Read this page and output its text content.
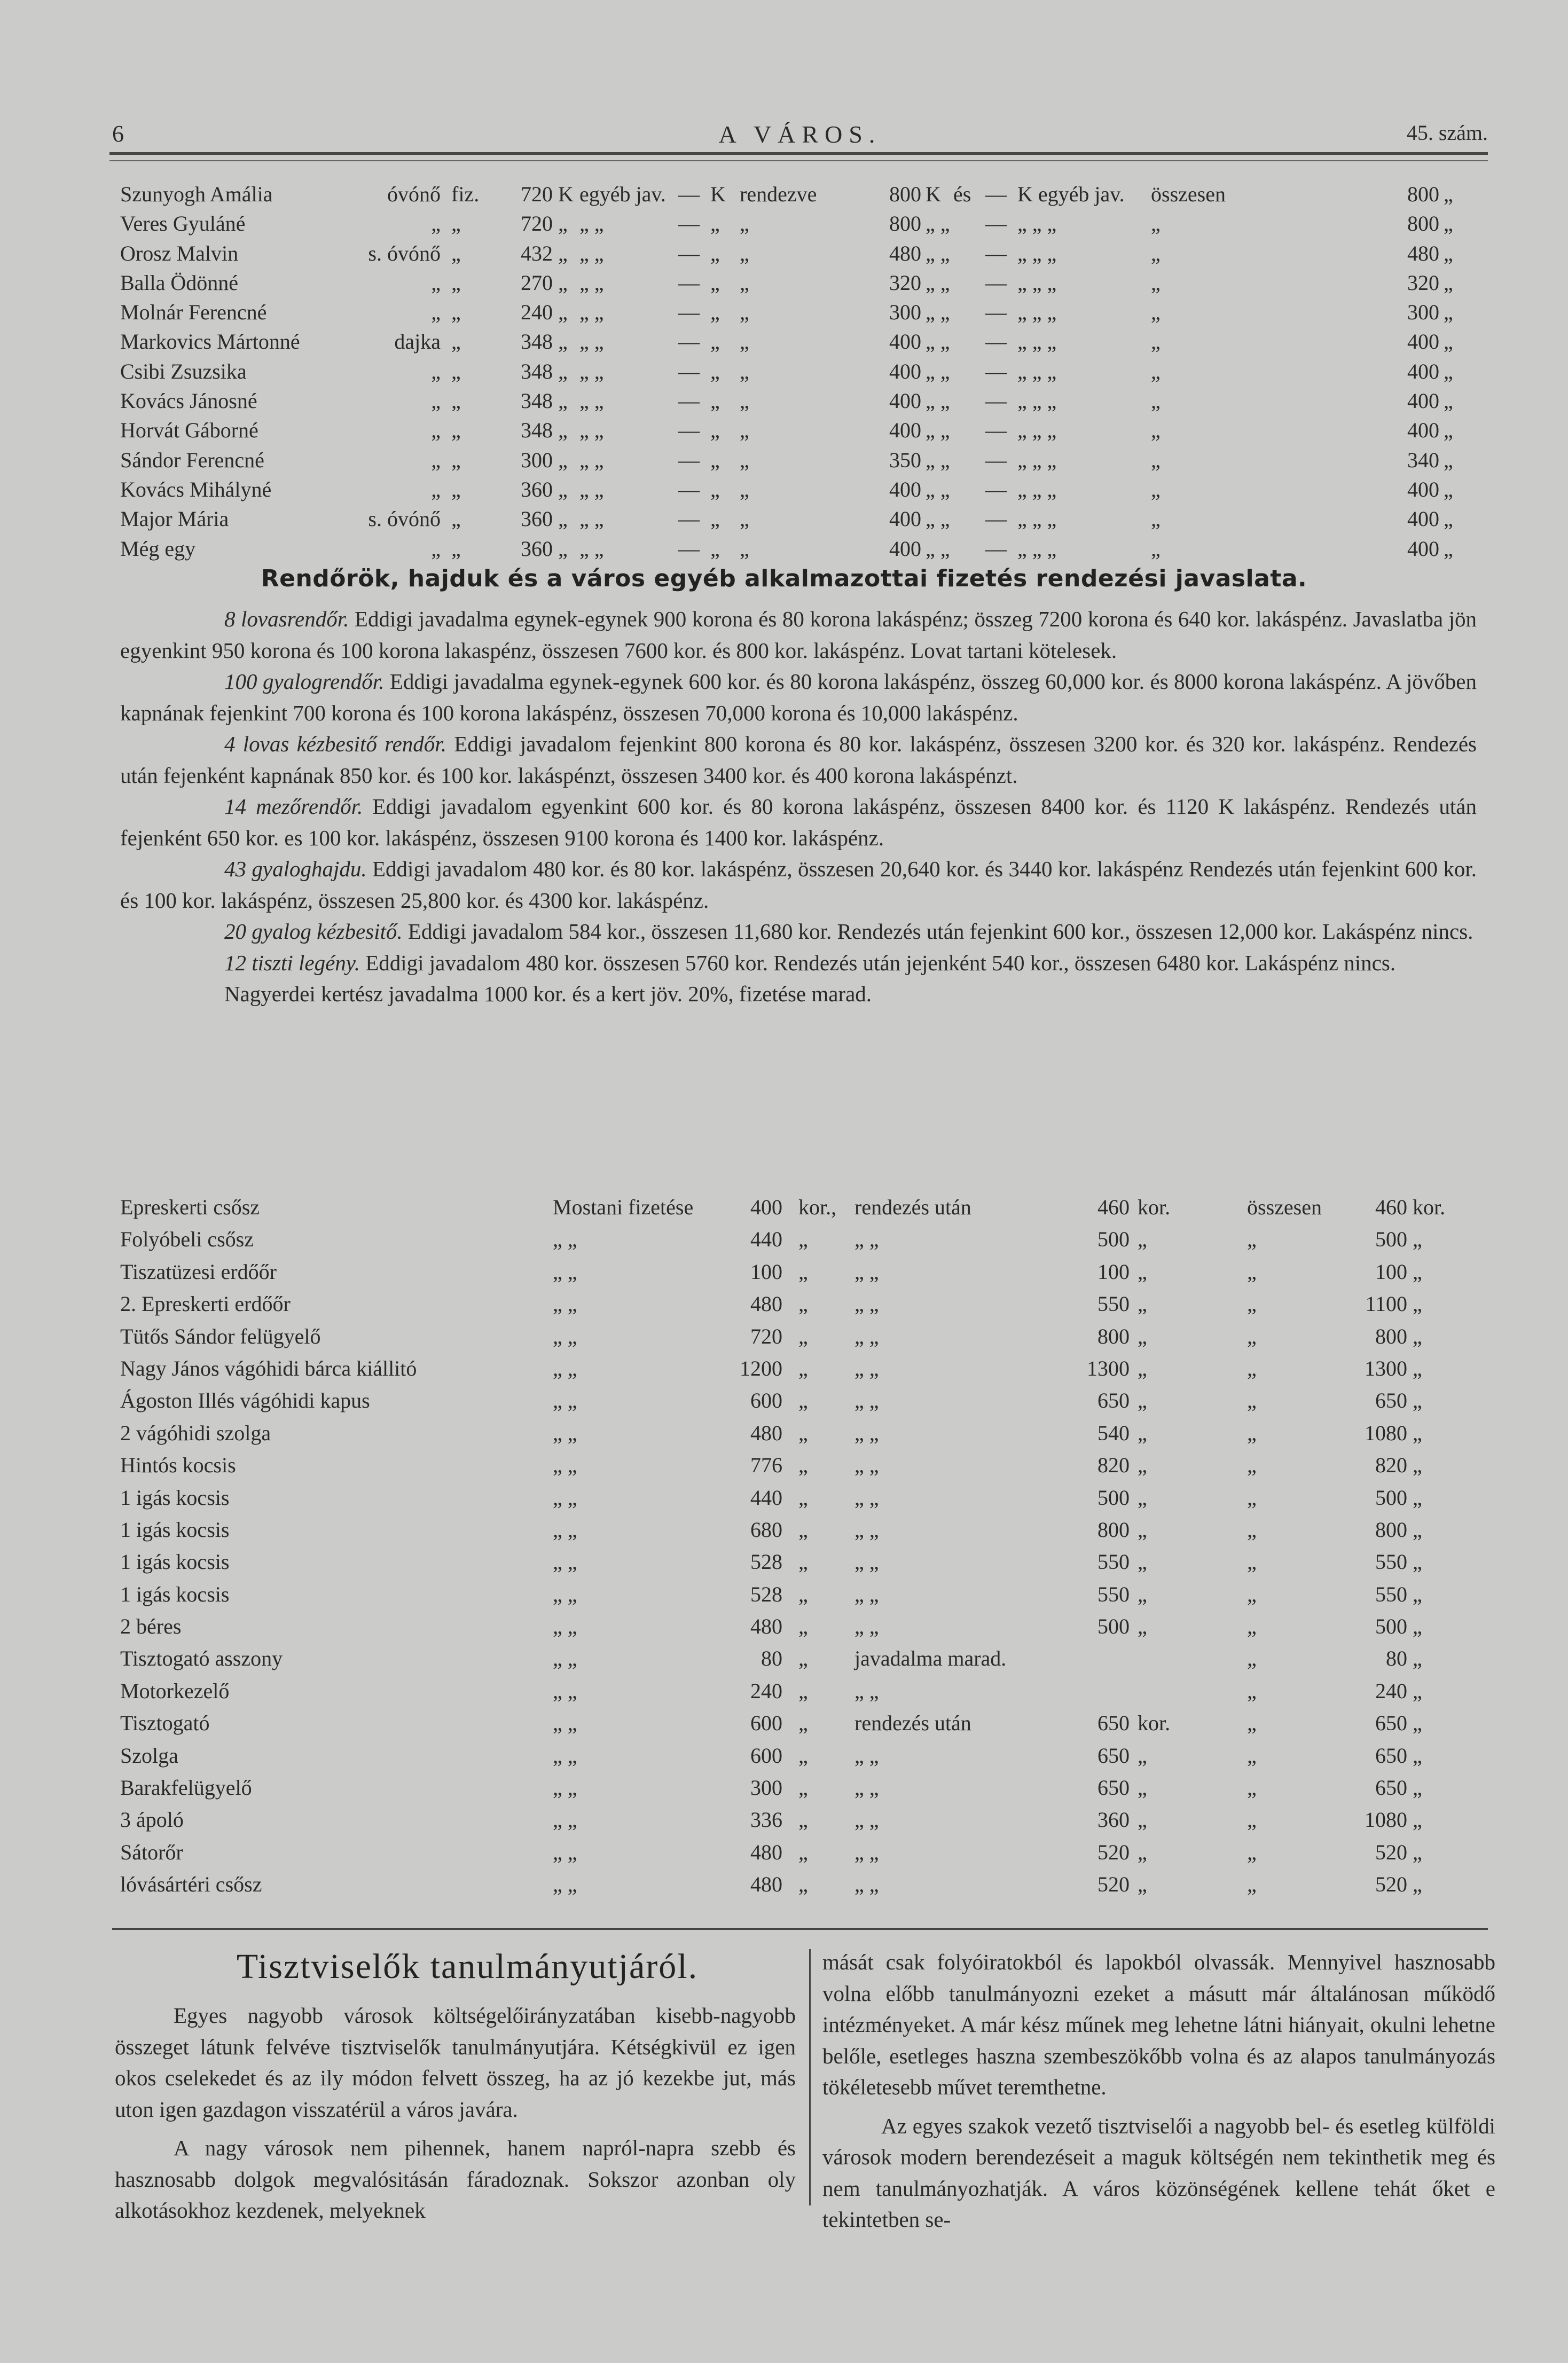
6	A VÁROS.	45. szám.
Szunyogh Amália	óvónő fiz.	720 K egyéb jav. — K rendezve	800 K és — K egyéb jav. összesen	800 „
Veres Gyuláné	„ „	720 „ „ „	— „ „	800 „ „ — „ „ „	„	800 „
Orosz Malvin	s. óvónő „	432 „ „ „	— „ „	480 „ „ — „ „ „	„	480 „
Balla Ödönné	„ „	270 „ „ „	— „ „	320 „ „ — „ „ „	„	320 „
Molnár Ferencné	„ „	240 „ „ „	— „ „	300 „ „ — „ „ „	„	300 „
Markovics Mártonné	dajka „	348 „ „ „	— „ „	400 „ „ — „ „ „	„	400 „
Csibi Zsuzsika	„ „	348 „ „ „	— „ „	400 „ „ — „ „ „	„	400 „
Kovács Jánosné	„ „	348 „ „ „	— „ „	400 „ „ — „ „ „	„	400 „
Horvát Gáborné	„ „	348 „ „ „	— „ „	400 „ „ — „ „ „	„	400 „
Sándor Ferencné	„ „	300 „ „ „	— „ „	350 „ „ — „ „ „	„	340 „
Kovács Mihályné	„ „	360 „ „ „	— „ „	400 „ „ — „ „ „	„	400 „
Major Mária	s. óvónő „	360 „ „ „	— „ „	400 „ „ — „ „ „	„	400 „
Még egy	„ „	360 „ „ „	— „ „	400 „ „ — „ „ „	„	400 „
Rendőrök, hajduk és a város egyéb alkalmazottai fizetés rendezési javaslata.

8 lovasrendőr. Eddigi javadalma egynek-egynek 900 korona és 80 korona lakáspénz; összeg 7200 korona és 640 kor. lakáspénz. Javaslatba jön egyenkint 950 korona és 100 korona lakaspénz, összesen 7600 kor. és 800 kor. lakáspénz. Lovat tartani kötelesek.

100 gyalogrendőr. Eddigi javadalma egynek-egynek 600 kor. és 80 korona lakáspénz, összeg 60,000 kor. és 8000 korona lakáspénz. A jövőben kapnának fejenkint 700 korona és 100 korona lakáspénz, összesen 70,000 korona és 10,000 lakáspénz.

4 lovas kézbesitő rendőr. Eddigi javadalom fejenkint 800 korona és 80 kor. lakáspénz, összesen 3200 kor. és 320 kor. lakáspénz. Rendezés után fejenként kapnának 850 kor. és 100 kor. lakáspénzt, összesen 3400 kor. és 400 korona lakáspénzt.

14 mezőrendőr. Eddigi javadalom egyenkint 600 kor. és 80 korona lakáspénz, összesen 8400 kor. és 1120 K lakáspénz. Rendezés után fejenként 650 kor. es 100 kor. lakáspénz, összesen 9100 korona és 1400 kor. lakáspénz.

43 gyaloghajdu. Eddigi javadalom 480 kor. és 80 kor. lakáspénz, összesen 20,640 kor. és 3440 kor. lakáspénz Rendezés után fejenkint 600 kor. és 100 kor. lakáspénz, összesen 25,800 kor. és 4300 kor. lakáspénz.

20 gyalog kézbesitő. Eddigi javadalom 584 kor., összesen 11,680 kor. Rendezés után fejenkint 600 kor., összesen 12,000 kor. Lakáspénz nincs.

12 tiszti legény. Eddigi javadalom 480 kor. összesen 5760 kor. Rendezés után jejenként 540 kor., összesen 6480 kor. Lakáspénz nincs.

Nagyerdei kertész javadalma 1000 kor. és a kert jöv. 20%, fizetése marad.

Epreskerti csősz	Mostani fizetése	400 kor., rendezés után	460 kor.	összesen	460 kor.
Folyóbeli csősz	„ „	440 „ „ „	500 „	„	500 „
Tiszatüzesi erdőőr	„ „	100 „ „ „	100 „	„	100 „
2. Epreskerti erdőőr	„ „	480 „ „ „	550 „	„	1100 „
Tütős Sándor felügyelő	„ „	720 „ „ „	800 „	„	800 „
Nagy János vágóhidi bárca kiállitó	„ „	1200 „ „ „	1300 „	„	1300 „
Ágoston Illés vágóhidi kapus	„ „	600 „ „ „	650 „	„	650 „
2 vágóhidi szolga	„ „	480 „ „ „	540 „	„	1080 „
Hintós kocsis	„ „	776 „ „ „	820 „	„	820 „
1 igás kocsis	„ „	440 „ „ „	500 „	„	500 „
1 igás kocsis	„ „	680 „ „ „	800 „	„	800 „
1 igás kocsis	„ „	528 „ „ „	550 „	„	550 „
1 igás kocsis	„ „	528 „ „ „	550 „	„	550 „
2 béres	„ „	480 „ „ „	500 „	„	500 „
Tisztogató asszony	„ „	80 „ javadalma marad.	„	80 „
Motorkezelő	„ „	240 „ „ „	„	240 „
Tisztogató	„ „	600 „ rendezés után	650 kor.	„	650 „
Szolga	„ „	600 „ „ „	650 „	„	650 „
Barakfelügyelő	„ „	300 „ „ „	650 „	„	650 „
3 ápoló	„ „	336 „ „ „	360 „	„	1080 „
Sátorőr	„ „	480 „ „ „	520 „	„	520 „
lóvásártéri csősz	„ „	480 „ „ „	520 „	„	520 „
Tisztviselők tanulmányutjáról.

Egyes nagyobb városok költségelőirányzatában kisebb-nagyobb összeget látunk felvéve tisztviselők tanulmányutjára. Kétségkivül ez igen okos cselekedet és az ily módon felvett összeg, ha az jó kezekbe jut, más uton igen gazdagon visszatérül a város javára.

A nagy városok nem pihennek, hanem napról-napra szebb és hasznosabb dolgok megvalósitásán fáradoznak. Sokszor azonban oly alkotásokhoz kezdenek, melyeknek

mását csak folyóiratokból és lapokból olvassák. Mennyivel hasznosabb volna előbb tanulmányozni ezeket a másutt már általánosan működő intézményeket. A már kész műnek meg lehetne látni hiányait, okulni lehetne belőle, esetleges haszna szembeszökőbb volna és az alapos tanulmányozás tökéletesebb művet teremthetne.

Az egyes szakok vezető tisztviselői a nagyobb bel- és esetleg külföldi városok modern berendezéseit a maguk költségén nem tekinthetik meg és nem tanulmányozhatják. A város közönségének kellene tehát őket e tekintetben se-
